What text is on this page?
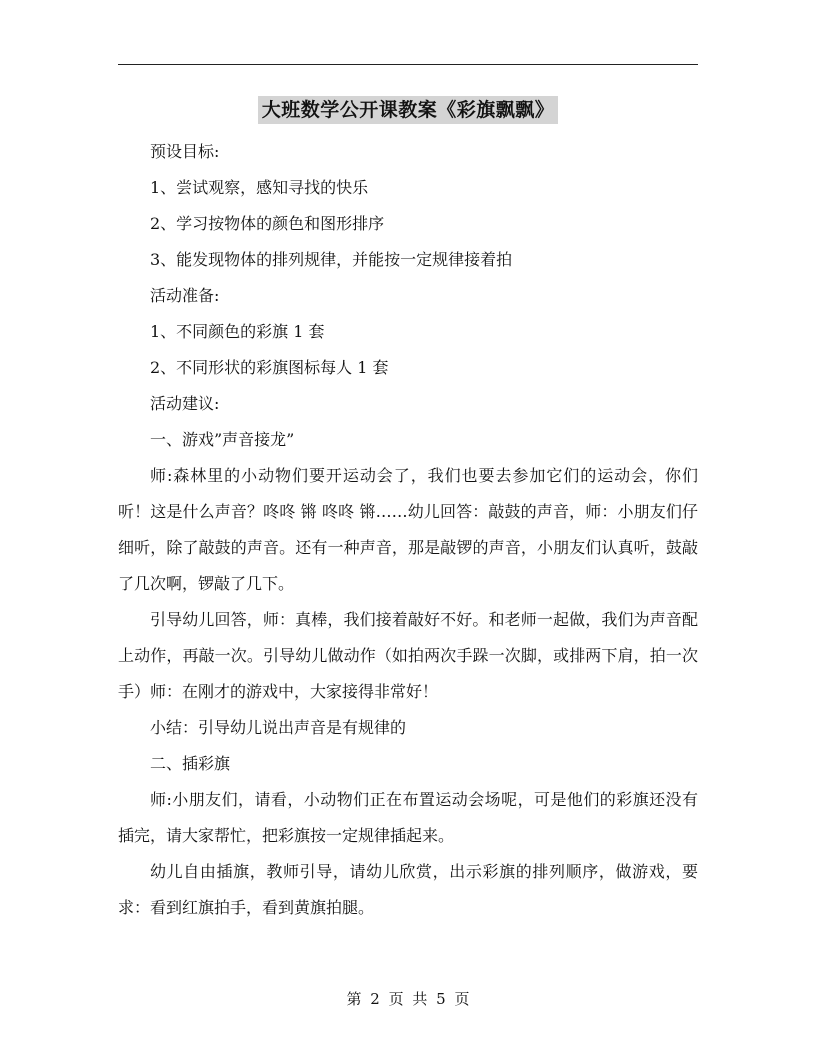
大班数学公开课教案《彩旗飘飘》

预设目标:

1、尝试观察，感知寻找的快乐

2、学习按物体的颜色和图形排序

3、能发现物体的排列规律，并能按一定规律接着拍

活动准备:

1、不同颜色的彩旗 1 套

2、不同形状的彩旗图标每人 1 套

活动建议:

一、游戏”声音接龙”

师:森林里的小动物们要开运动会了，我们也要去参加它们的运动会，你们听！这是什么声音？咚咚 锵 咚咚 锵……幼儿回答：敲鼓的声音，师：小朋友们仔细听，除了敲鼓的声音。还有一种声音，那是敲锣的声音，小朋友们认真听，鼓敲了几次啊，锣敲了几下。

引导幼儿回答，师：真棒，我们接着敲好不好。和老师一起做，我们为声音配上动作，再敲一次。引导幼儿做动作（如拍两次手跺一次脚，或排两下肩，拍一次手）师：在刚才的游戏中，大家接得非常好！

小结：引导幼儿说出声音是有规律的

二、插彩旗

师:小朋友们，请看，小动物们正在布置运动会场呢，可是他们的彩旗还没有插完，请大家帮忙，把彩旗按一定规律插起来。

幼儿自由插旗，教师引导，请幼儿欣赏，出示彩旗的排列顺序，做游戏，要求：看到红旗拍手，看到黄旗拍腿。

第 2 页 共 5 页
